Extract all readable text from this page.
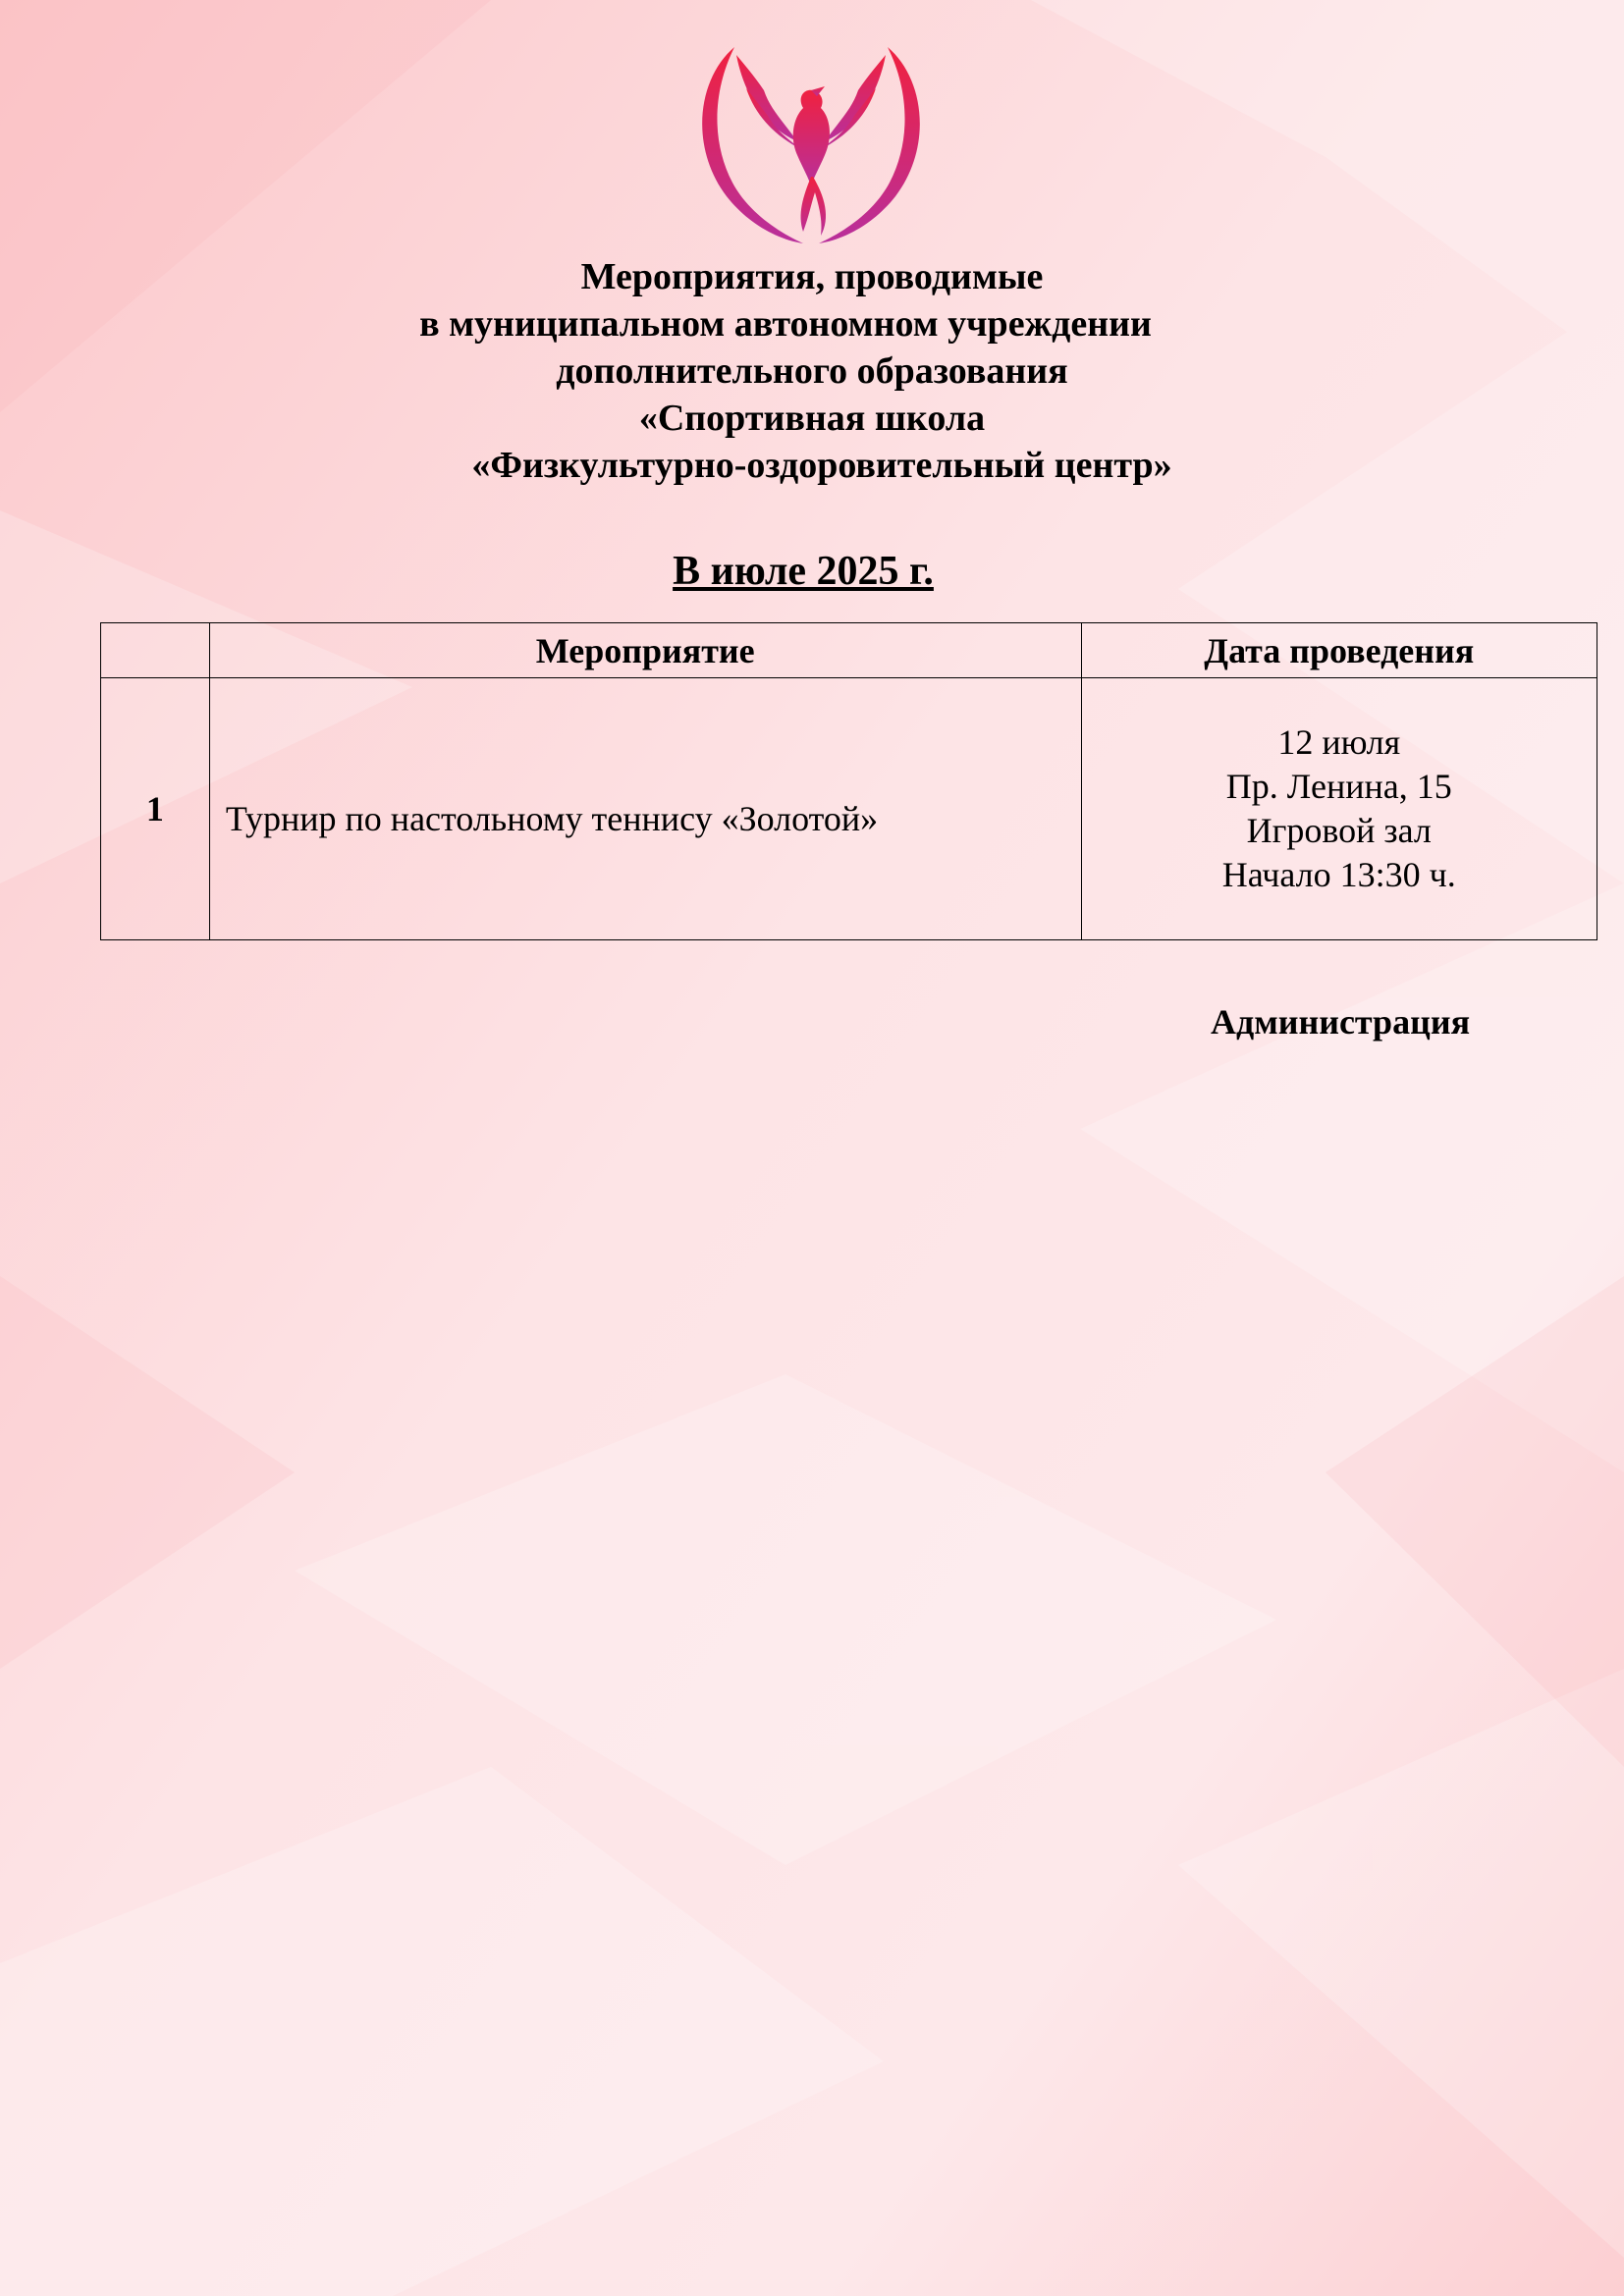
Мероприятия, проводимые
в муниципальном автономном учреждении
дополнительного образования
«Спортивная школа
«Физкультурно-оздоровительный центр»
В июле 2025 г.
	Мероприятие	Дата проведения
1	Турнир по настольному теннису «Золотой»	12 июля
Пр. Ленина, 15
Игровой зал
Начало 13:30 ч.
Администрация
